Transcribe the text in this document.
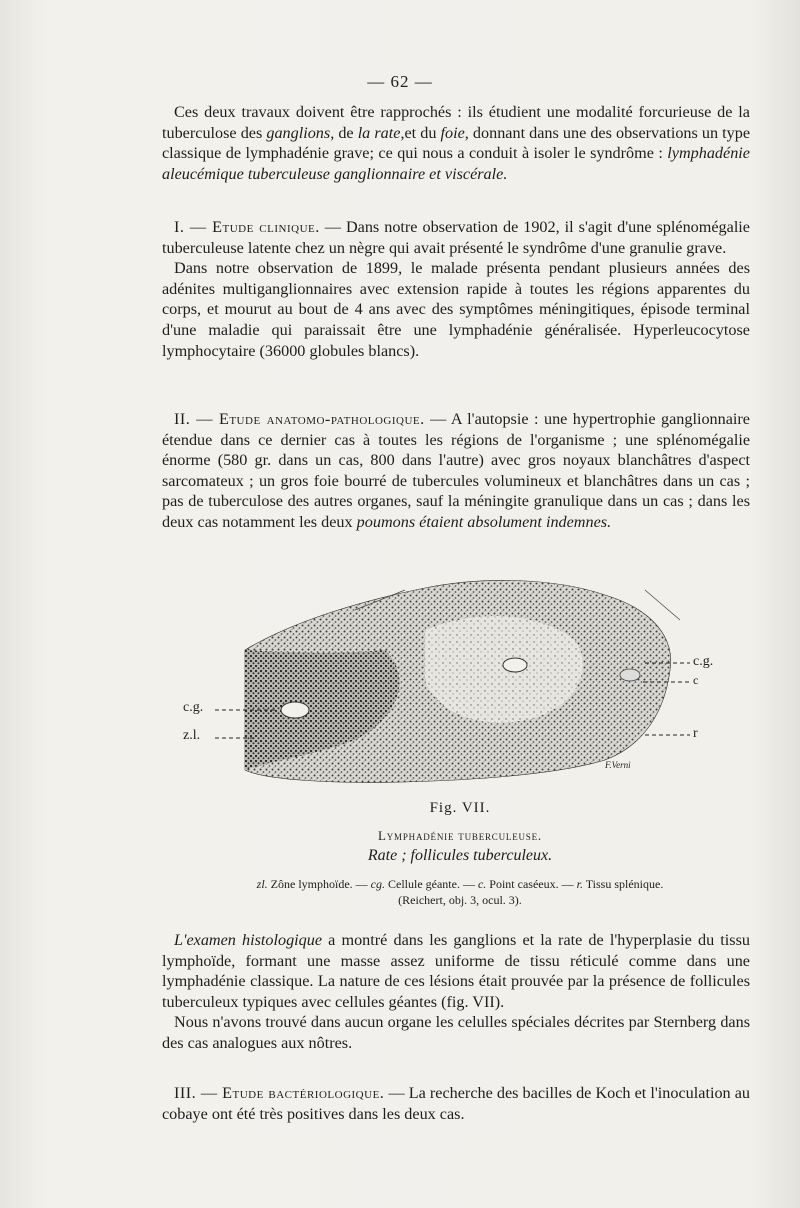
— 62 —

Ces deux travaux doivent être rapprochés : ils étudient une modalité forcurieuse de la tuberculose des ganglions, de la rate,et du foie, donnant dans une des observations un type classique de lymphadénie grave; ce qui nous a conduit à isoler le syndrôme : lymphadénie aleucémique tuberculeuse ganglionnaire et viscérale.

I. — Etude clinique. — Dans notre observation de 1902, il s'agit d'une splénomégalie tuberculeuse latente chez un nègre qui avait présenté le syndrôme d'une granulie grave.

Dans notre observation de 1899, le malade présenta pendant plusieurs années des adénites multiganglionnaires avec extension rapide à toutes les régions apparentes du corps, et mourut au bout de 4 ans avec des symptômes méningitiques, épisode terminal d'une maladie qui paraissait être une lymphadénie généralisée. Hyperleucocytose lymphocytaire (36000 globules blancs).

II. — Etude anatomo-pathologique. — A l'autopsie : une hypertrophie ganglionnaire étendue dans ce dernier cas à toutes les régions de l'organisme ; une splénomégalie énorme (580 gr. dans un cas, 800 dans l'autre) avec gros noyaux blanchâtres d'aspect sarcomateux ; un gros foie bourré de tubercules volumineux et blanchâtres dans un cas ; pas de tuberculose des autres organes, sauf la méningite granulique dans un cas ; dans les deux cas notamment les deux poumons étaient absolument indemnes.

c.g.
z.l.
c.g.
c
r
F.Verni
Fig. VII.
Lymphadénie tuberculeuse.
Rate ; follicules tuberculeux.
zl. Zône lymphoïde. — cg. Cellule géante. — c. Point caséeux. — r. Tissu splénique.
(Reichert, obj. 3, ocul. 3).

L'examen histologique a montré dans les ganglions et la rate de l'hyperplasie du tissu lymphoïde, formant une masse assez uniforme de tissu réticulé comme dans une lymphadénie classique. La nature de ces lésions était prouvée par la présence de follicules tuberculeux typiques avec cellules géantes (fig. VII).

Nous n'avons trouvé dans aucun organe les celulles spéciales décrites par Sternberg dans des cas analogues aux nôtres.

III. — Etude bactériologique. — La recherche des bacilles de Koch et l'inoculation au cobaye ont été très positives dans les deux cas.
